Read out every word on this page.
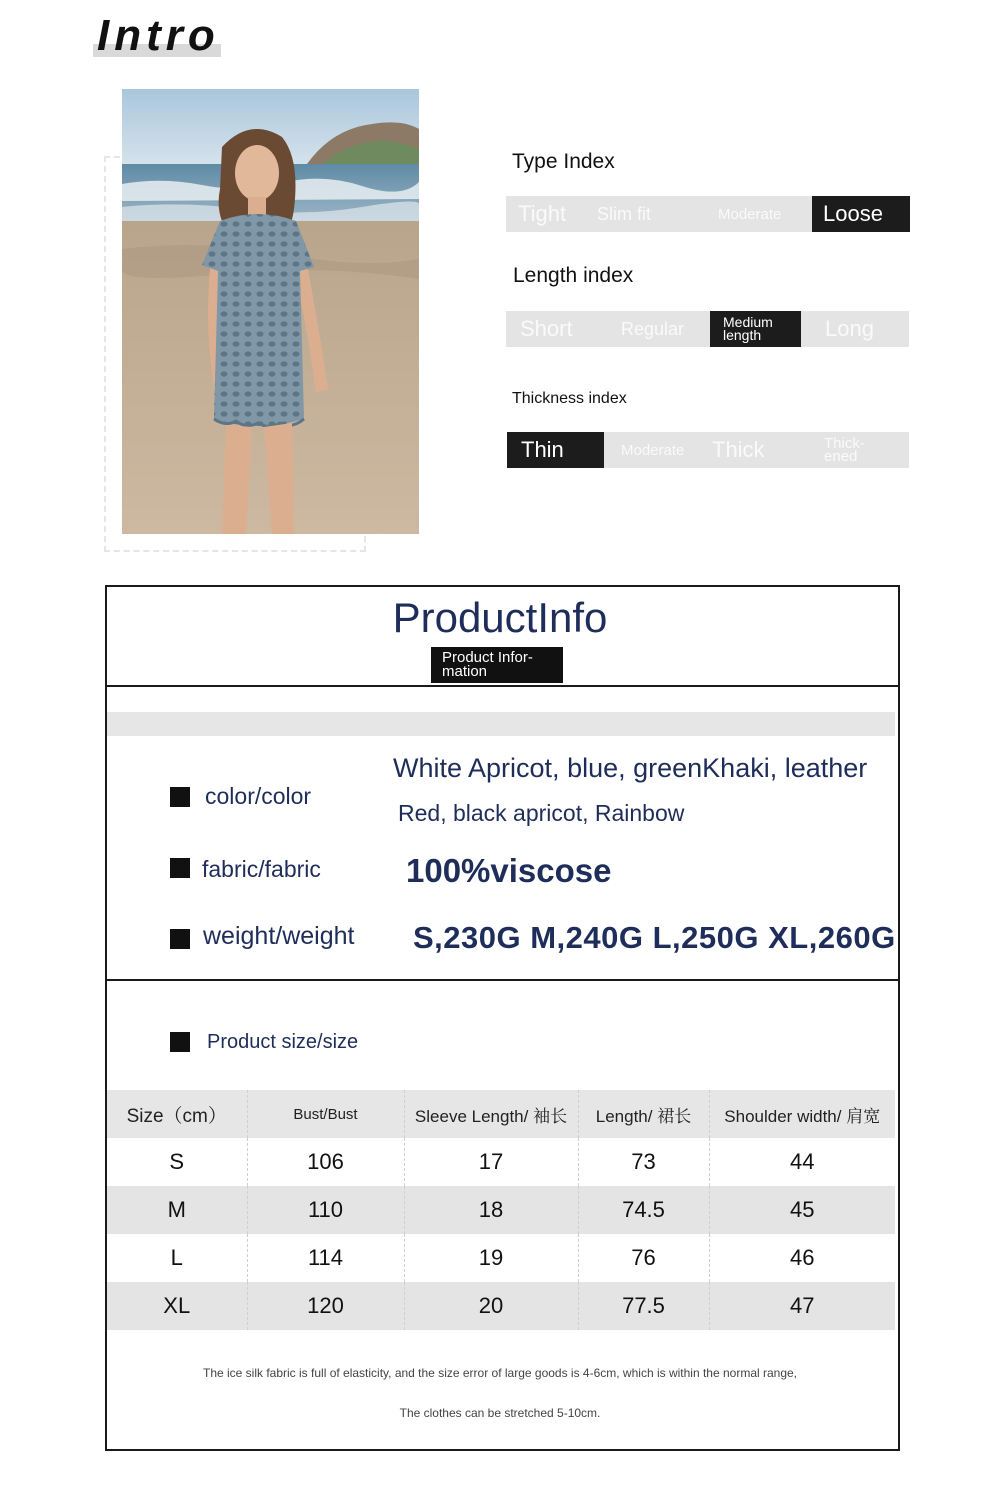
Intro
Type Index
Tight Slim fit	Moderate	Loose
Length index
Short	Regular	Medium length	Long
Thickness index
Thin	Moderate Thick	Thick-ened
ProductInfo
Product Infor-mation
color/color
White Apricot, blue, greenKhaki, leather
Red, black apricot, Rainbow
fabric/fabric	100%viscose
weight/weight S,230G M,240G L,250G XL,260G
Product size/size
Size（cm）	Bust/Bust	Sleeve Length/ 袖长	Length/ 裙长	Shoulder width/ 肩宽
S	106	17	73	44
M	110	18	74.5	45
L	114	19	76	46
XL	120	20	77.5	47
The ice silk fabric is full of elasticity, and the size error of large goods is 4-6cm, which is within the normal range,
The clothes can be stretched 5-10cm.
